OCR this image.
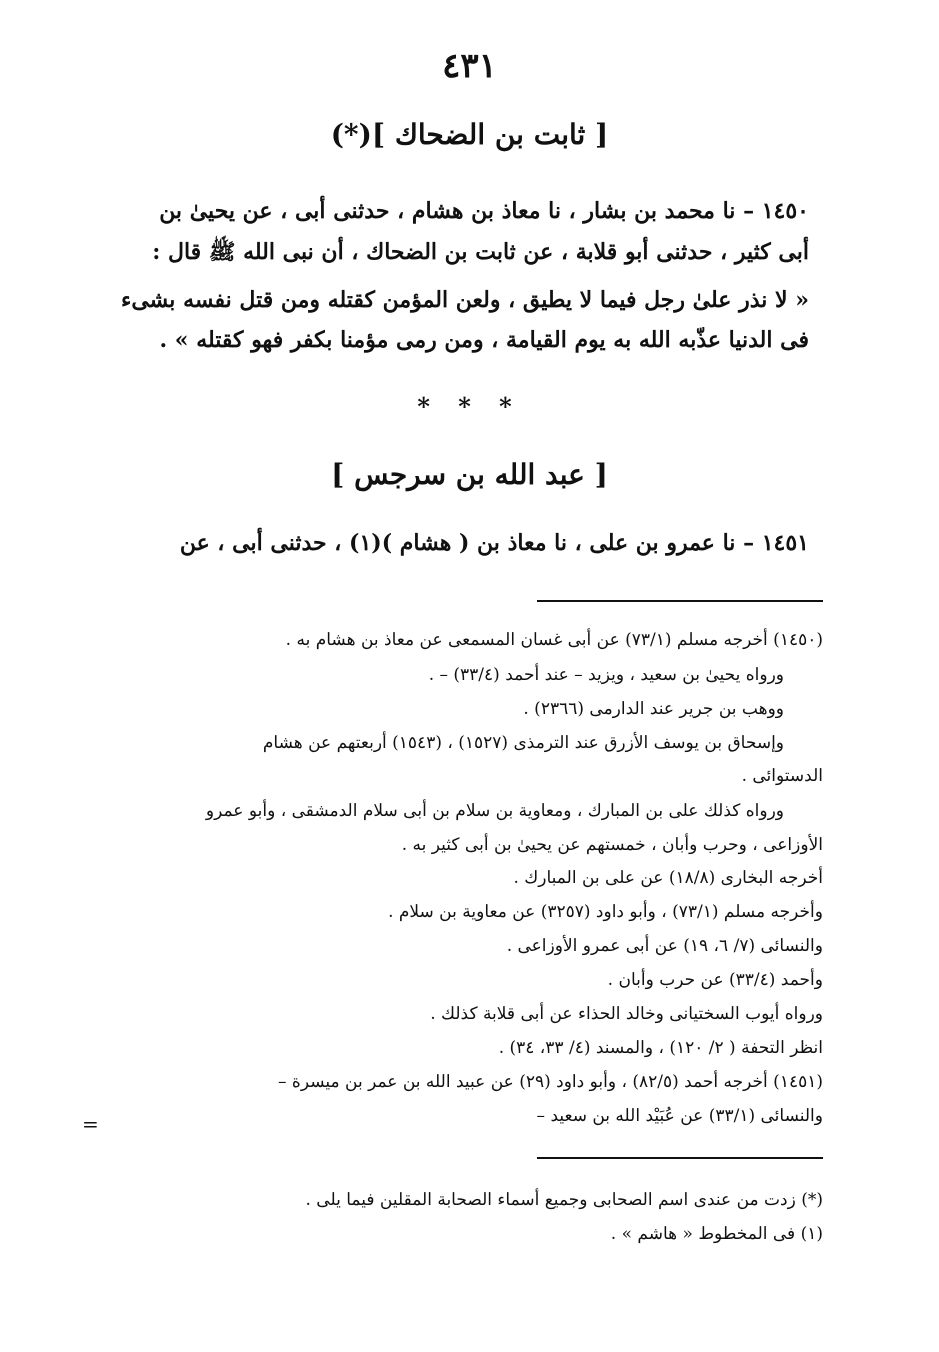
٤٣١
[ ثابت بن الضحاك ](*)
١٤٥٠ – نا محمد بن بشار ، نا معاذ بن هشام ، حدثنى أبى ، عن يحيىٰ بن
أبى كثير ، حدثنى أبو قلابة ، عن ثابت بن الضحاك ، أن نبى الله ﷺ قال :
« لا نذر علىٰ رجل فيما لا يطيق ، ولعن المؤمن كقتله ومن قتل نفسه بشىء
فى الدنيا عذّبه الله به يوم القيامة ، ومن رمى مؤمنا بكفر فهو كقتله » .
* * *
[ عبد الله بن سرجس ]
١٤٥١ – نا عمرو بن على ، نا معاذ بن ( هشام )(١) ، حدثنى أبى ، عن
(١٤٥٠) أخرجه مسلم (٧٣/١) عن أبى غسان المسمعى عن معاذ بن هشام به .
ورواه يحيىٰ بن سعيد ، ويزيد – عند أحمد (٣٣/٤) – .
ووهب بن جرير عند الدارمى (٢٣٦٦) .
وإسحاق بن يوسف الأزرق عند الترمذى (١٥٢٧) ، (١٥٤٣) أربعتهم عن هشام
الدستوائى .
ورواه كذلك على بن المبارك ، ومعاوية بن سلام بن أبى سلام الدمشقى ، وأبو عمرو
الأوزاعى ، وحرب وأبان ، خمستهم عن يحيىٰ بن أبى كثير به .
أخرجه البخارى (١٨/٨) عن على بن المبارك .
وأخرجه مسلم (٧٣/١) ، وأبو داود (٣٢٥٧) عن معاوية بن سلام .
والنسائى (٧/ ٦، ١٩) عن أبى عمرو الأوزاعى .
وأحمد (٣٣/٤) عن حرب وأبان .
ورواه أيوب السختيانى وخالد الحذاء عن أبى قلابة كذلك .
انظر التحفة ( ٢/ ١٢٠) ، والمسند (٤/ ٣٣، ٣٤) .
(١٤٥١) أخرجه أحمد (٨٢/٥) ، وأبو داود (٢٩) عن عبيد الله بن عمر بن ميسرة –
والنسائى (٣٣/١) عن عُبَيْد الله بن سعيد –
=
(*) زدت من عندى اسم الصحابى وجميع أسماء الصحابة المقلين فيما يلى .
(١) فى المخطوط « هاشم » .
